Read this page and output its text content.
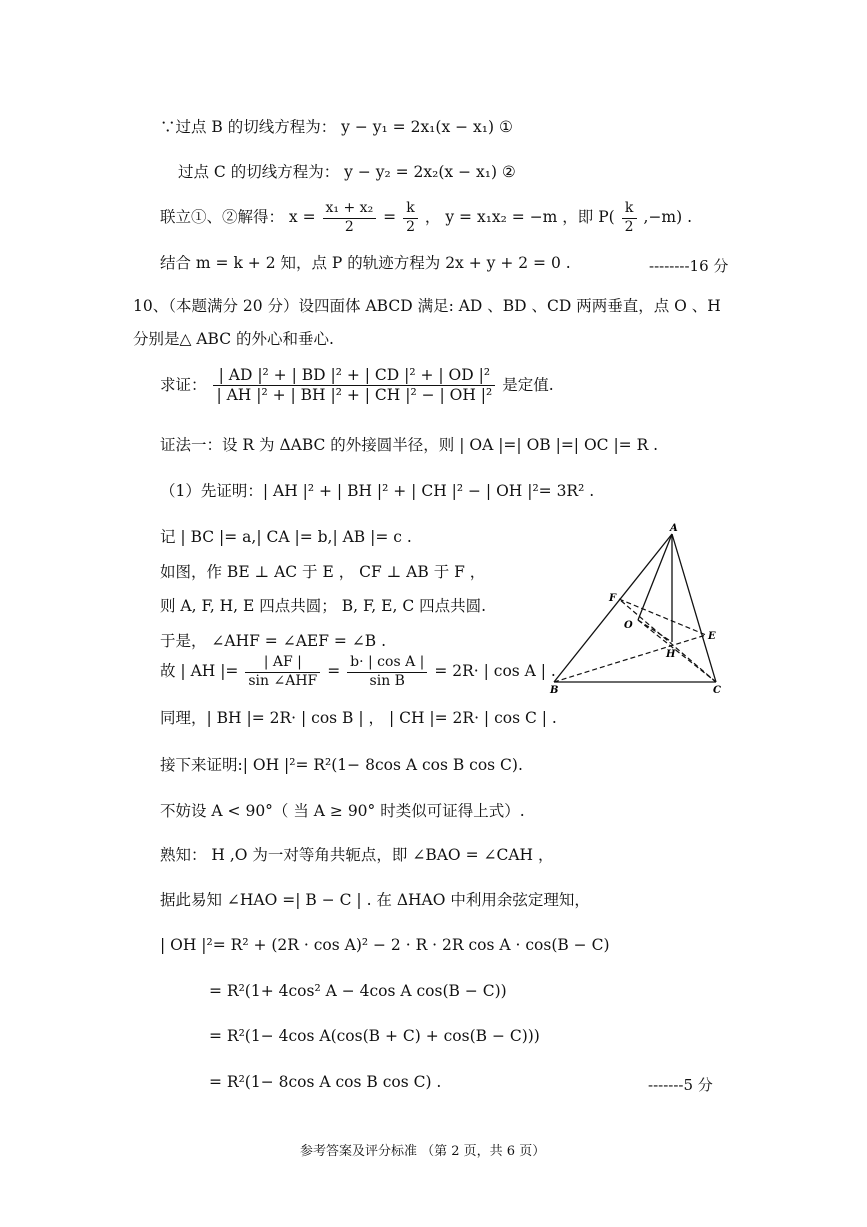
∵过点 B 的切线方程为： y − y₁ = 2x₁(x − x₁) ①
过点 C 的切线方程为： y − y₂ = 2x₂(x − x₁) ②
联立①、②解得： $x = \frac{\text{x₁ + x₂}}{2} = \frac{k}{2}$ ， y = x₁x₂ = −m ，即 $P( \frac{k}{2} ,-m)$ .
结合 m = k + 2 知，点 P 的轨迹方程为 2x + y + 2 = 0 .	--------16 分
10、（本题满分 20 分）设四面体 ABCD 满足: AD 、BD 、CD 两两垂直，点 O 、H
分别是△ ABC 的外心和垂心.
求证： $\frac{\text{| AD |² + | BD |² + | CD |² + | OD |²}}{\text{| AH |² + | BH |² + | CH |² − | OH |²}}$ 是定值.
证法一：设 R 为 ΔABC 的外接圆半径，则 | OA |=| OB |=| OC |= R .
（1）先证明：| AH |² + | BH |² + | CH |² − | OH |²= 3R² .
记 | BC |= a,| CA |= b,| AB |= c .
如图，作 BE ⊥ AC 于 E ， CF ⊥ AB 于 F ，
则 A, F, H, E 四点共圆； B, F, E, C 四点共圆.
于是， ∠AHF = ∠AEF = ∠B .
故 | AH |= $\frac{| AF |}{\text{sin ∠AHF}} = \frac{\text{b· | cos A |}}{\text{sin B}} = 2R\cdot$ | cos A | .
同理，| BH |= 2R· | cos B | ， | CH |= 2R· | cos C | .
接下来证明:| OH |²= R²(1− 8cos A cos B cos C).
不妨设 A < 90°（ 当 A ≥ 90° 时类似可证得上式）.
熟知： H ,O 为一对等角共轭点，即 ∠BAO = ∠CAH ，
据此易知 ∠HAO =| B − C | . 在 ΔHAO 中利用余弦定理知，
| OH |²= R² + (2R · cos A)² − 2 · R · 2R cos A · cos(B − C)
= R²(1+ 4cos² A − 4cos A cos(B − C))
= R²(1− 4cos A(cos(B + C) + cos(B − C)))
= R²(1− 8cos A cos B cos C) .	-------5 分
A
B	C
E
F
O
H
参考答案及评分标准 （第 2 页，共 6 页）
